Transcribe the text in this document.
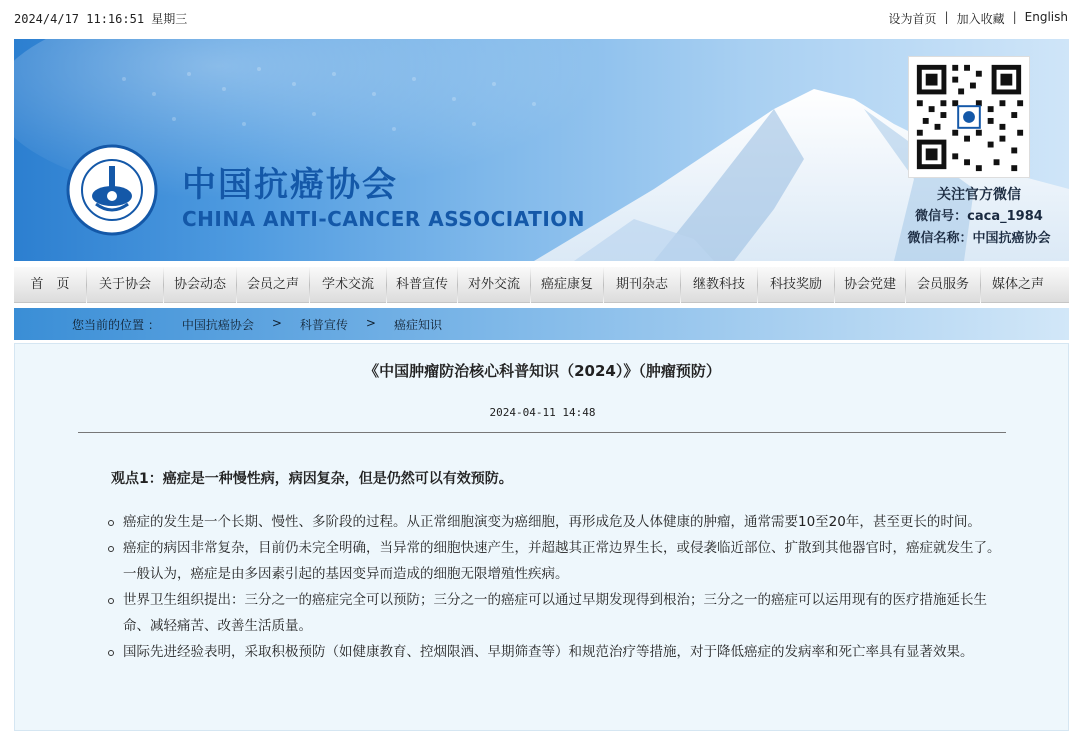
2024/4/17 11:16:51 星期三	设为首页 | 加入收藏 | English
中国抗癌协会
CHINA ANTI-CANCER ASSOCIATION
关注官方微信
微信号：caca_1984
微信名称：中国抗癌协会
首　页	关于协会	协会动态	会员之声	学术交流	科普宣传	对外交流	癌症康复	期刊杂志	继教科技	科技奖励	协会党建	会员服务	媒体之声
您当前的位置 ： 中国抗癌协会 > 科普宣传 > 癌症知识
《中国肿瘤防治核心科普知识（2024）》（肿瘤预防）
2024-04-11 14:48
观点1：癌症是一种慢性病，病因复杂，但是仍然可以有效预防。
癌症的发生是一个长期、慢性、多阶段的过程。从正常细胞演变为癌细胞，再形成危及人体健康的肿瘤，通常需要10至20年，甚至更长的时间。
癌症的病因非常复杂，目前仍未完全明确，当异常的细胞快速产生，并超越其正常边界生长，或侵袭临近部位、扩散到其他器官时，癌症就发生了。一般认为，癌症是由多因素引起的基因变异而造成的细胞无限增殖性疾病。
世界卫生组织提出：三分之一的癌症完全可以预防；三分之一的癌症可以通过早期发现得到根治；三分之一的癌症可以运用现有的医疗措施延长生命、减轻痛苦、改善生活质量。
国际先进经验表明，采取积极预防（如健康教育、控烟限酒、早期筛查等）和规范治疗等措施，对于降低癌症的发病率和死亡率具有显著效果。
